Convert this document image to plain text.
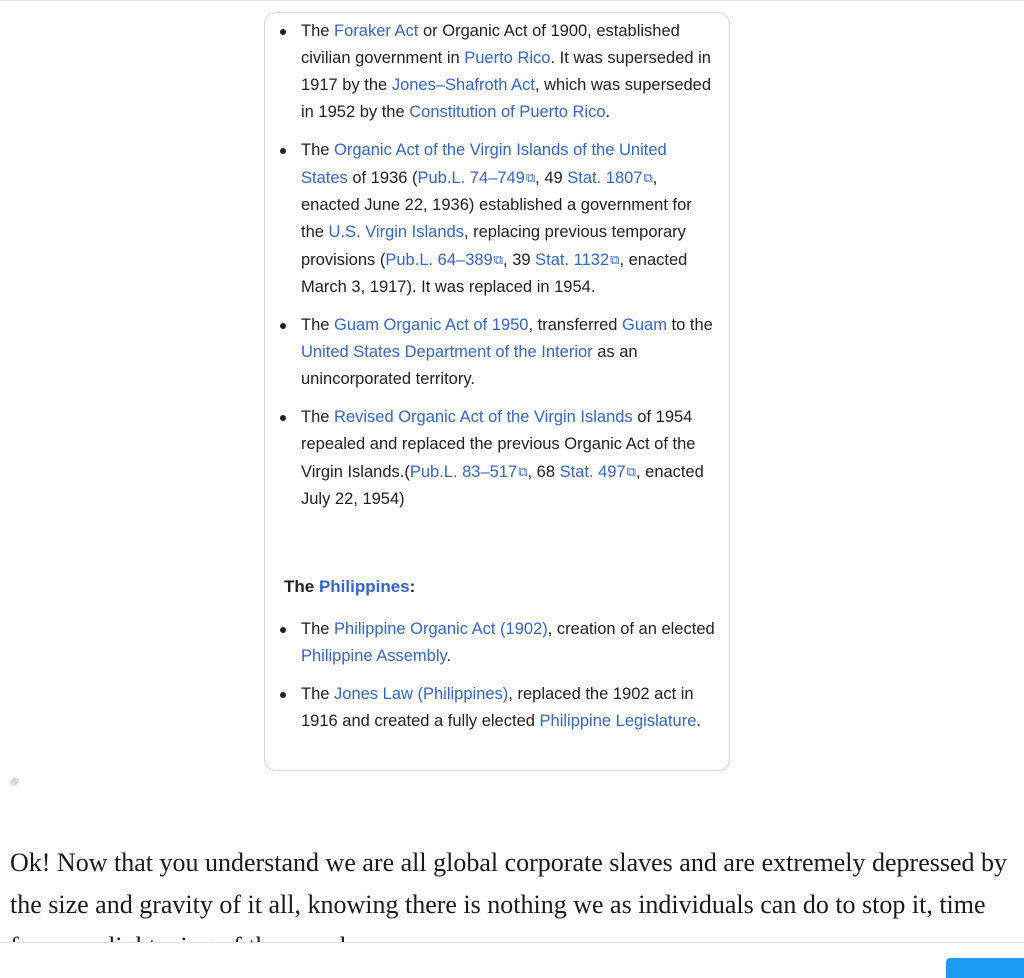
The Foraker Act or Organic Act of 1900, established civilian government in Puerto Rico. It was superseded in 1917 by the Jones–Shafroth Act, which was superseded in 1952 by the Constitution of Puerto Rico.
The Organic Act of the Virgin Islands of the United States of 1936 (Pub.L. 74–749⧉, 49 Stat. 1807⧉, enacted June 22, 1936) established a government for the U.S. Virgin Islands, replacing previous temporary provisions (Pub.L. 64–389⧉, 39 Stat. 1132⧉, enacted March 3, 1917). It was replaced in 1954.
The Guam Organic Act of 1950, transferred Guam to the United States Department of the Interior as an unincorporated territory.
The Revised Organic Act of the Virgin Islands of 1954 repealed and replaced the previous Organic Act of the Virgin Islands.(Pub.L. 83–517⧉, 68 Stat. 497⧉, enacted July 22, 1954)
The Philippines:
The Philippine Organic Act (1902), creation of an elected Philippine Assembly.
The Jones Law (Philippines), replaced the 1902 act in 1916 and created a fully elected Philippine Legislature.
⚭
Ok! Now that you understand we are all global corporate slaves and are extremely depressed by the size and gravity of it all, knowing there is nothing we as individuals can do to stop it, time
